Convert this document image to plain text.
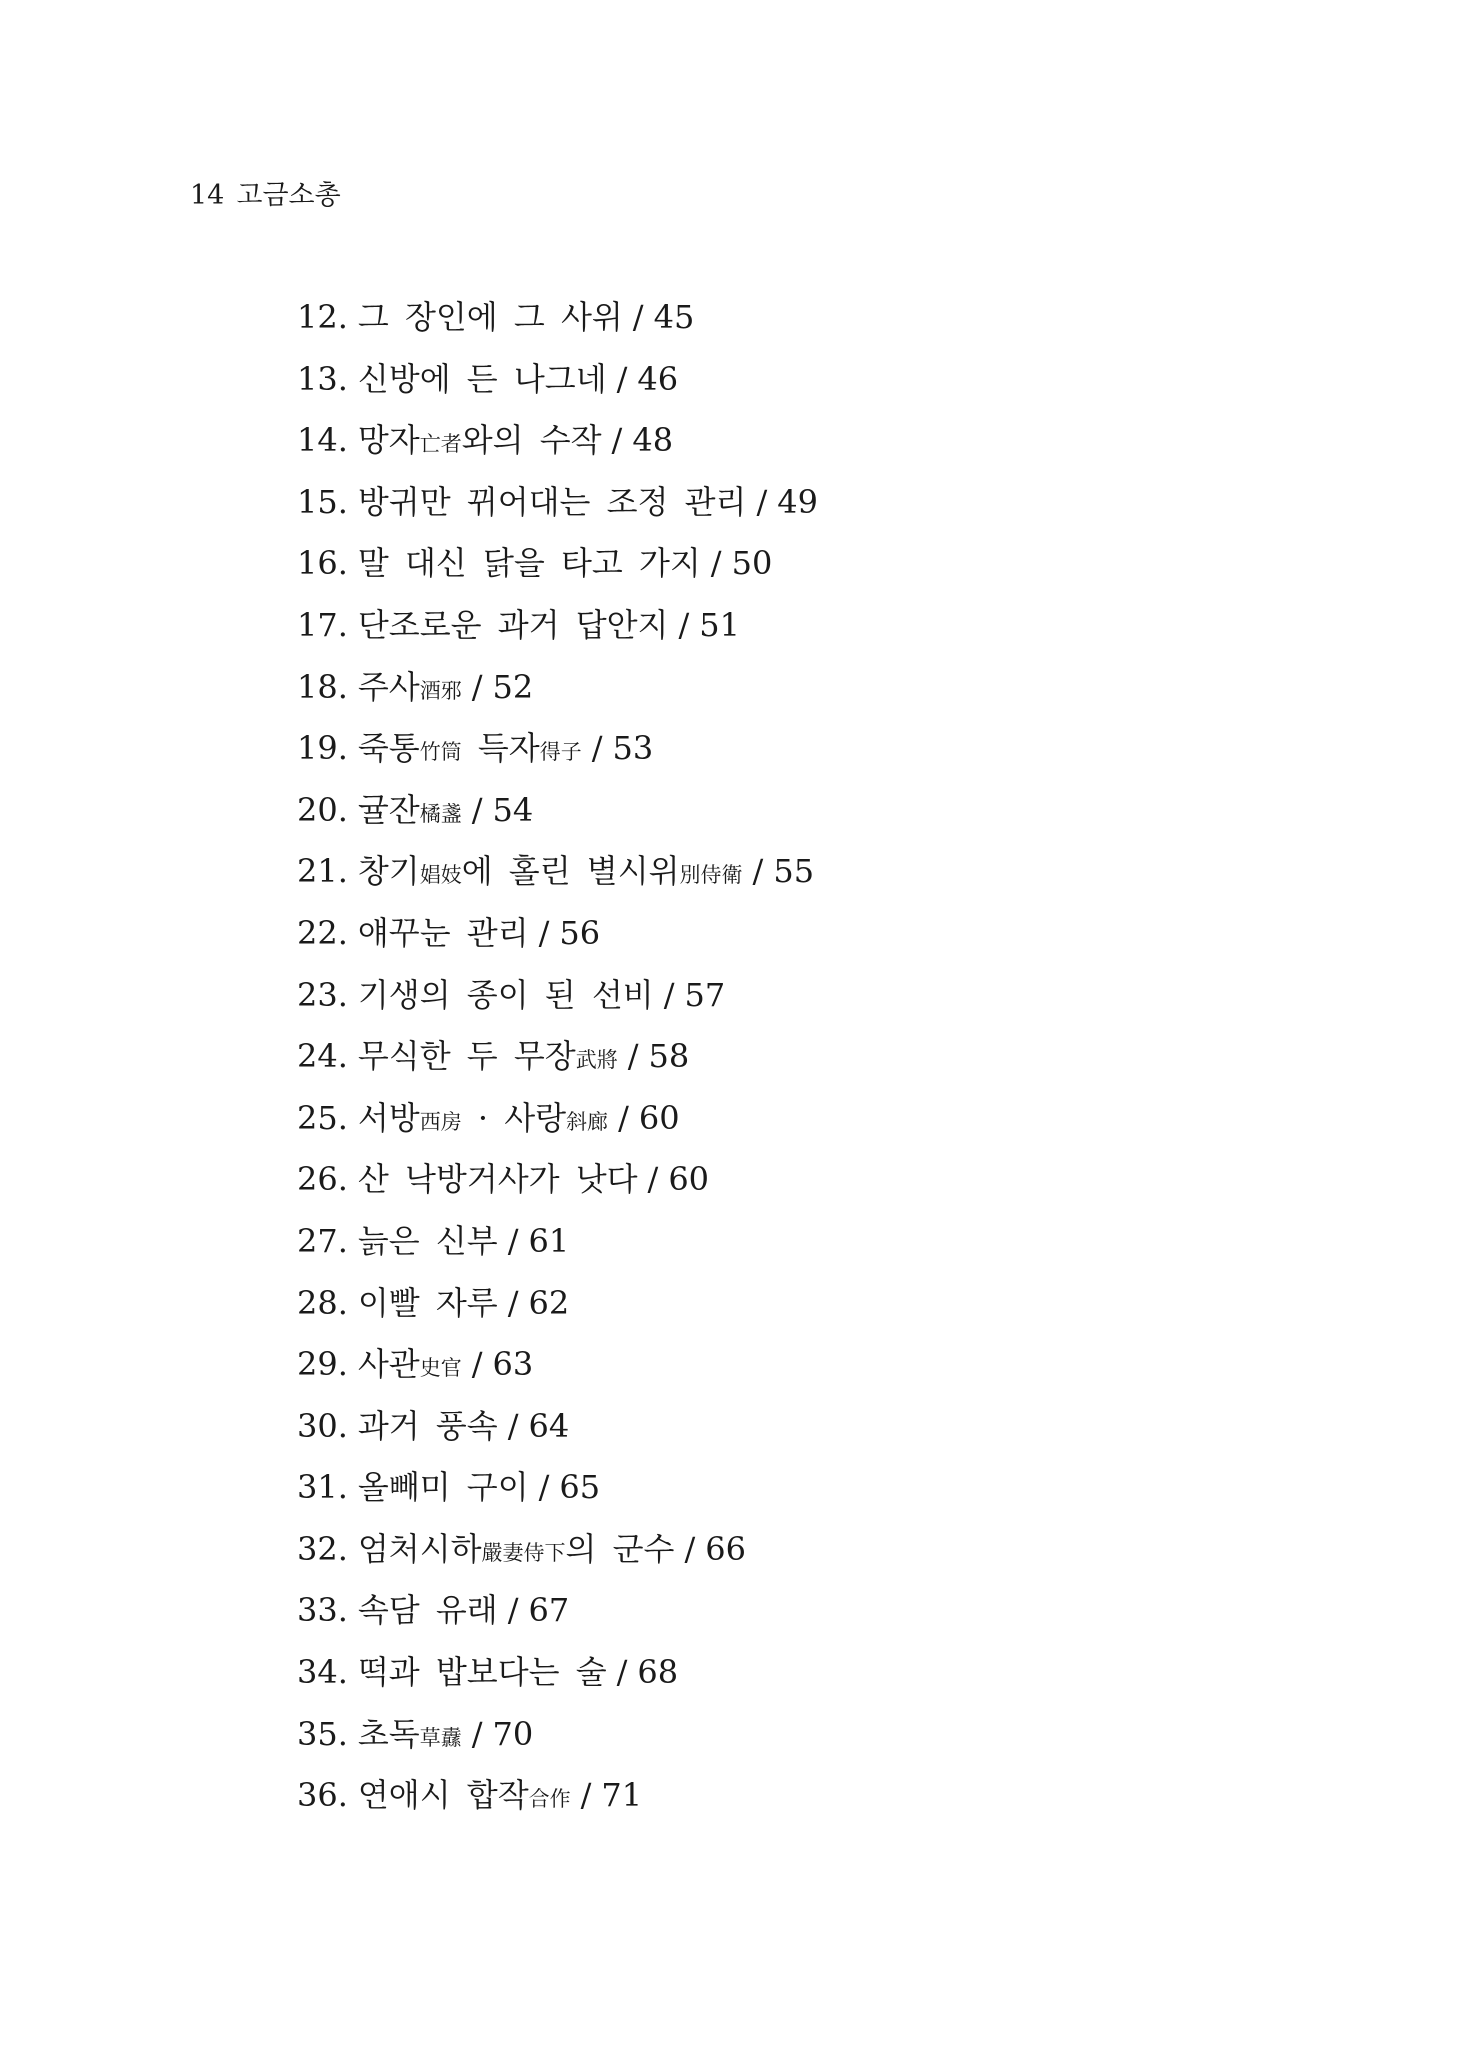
14 고금소총
12. 그 장인에 그 사위 / 45
13. 신방에 든 나그네 / 46
14. 망자亡者와의 수작 / 48
15. 방귀만 뀌어대는 조정 관리 / 49
16. 말 대신 닭을 타고 가지 / 50
17. 단조로운 과거 답안지 / 51
18. 주사酒邪 / 52
19. 죽통竹筒 득자得子 / 53
20. 귤잔橘盞 / 54
21. 창기娼妓에 홀린 별시위別侍衛 / 55
22. 얘꾸눈 관리 / 56
23. 기생의 종이 된 선비 / 57
24. 무식한 두 무장武將 / 58
25. 서방西房 · 사랑斜廊 / 60
26. 산 낙방거사가 낫다 / 60
27. 늙은 신부 / 61
28. 이빨 자루 / 62
29. 사관史官 / 63
30. 과거 풍속 / 64
31. 올빼미 구이 / 65
32. 엄처시하嚴妻侍下의 군수 / 66
33. 속담 유래 / 67
34. 떡과 밥보다는 술 / 68
35. 초독草纛 / 70
36. 연애시 합작合作 / 71
